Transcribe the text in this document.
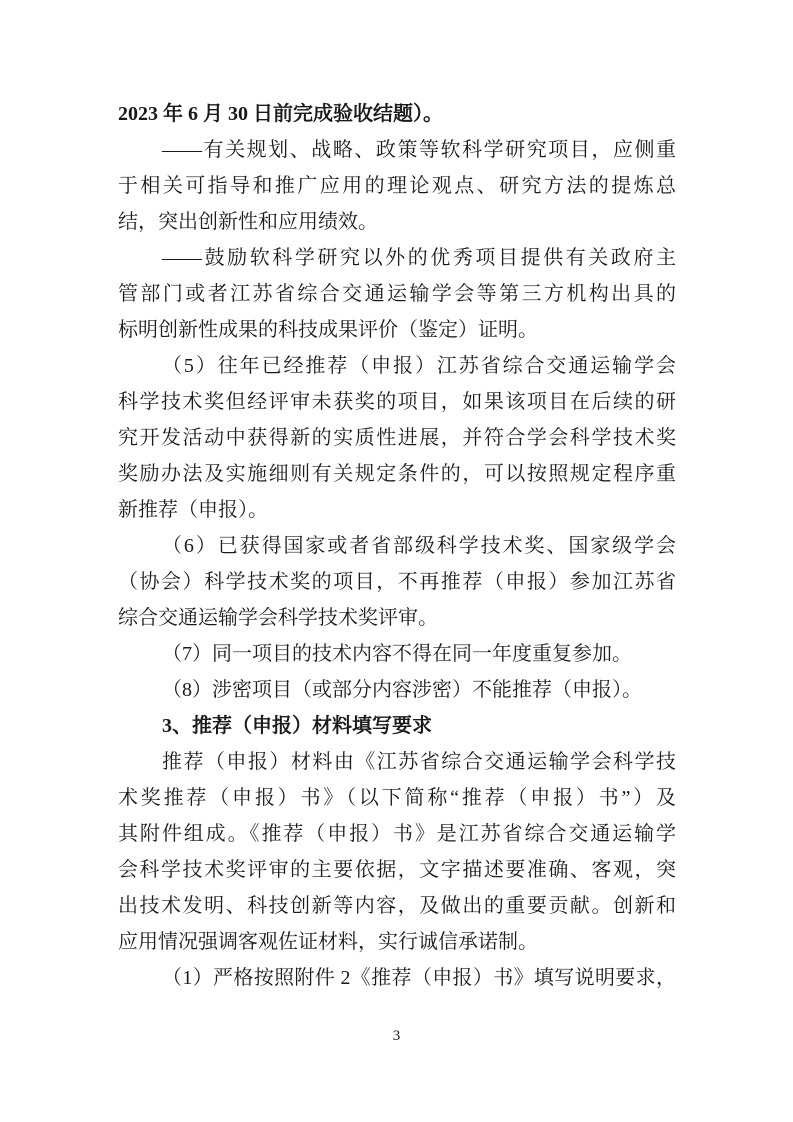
2023 年 6 月 30 日前完成验收结题）。
——有关规划、战略、政策等软科学研究项目，应侧重
于相关可指导和推广应用的理论观点、研究方法的提炼总
结，突出创新性和应用绩效。
——鼓励软科学研究以外的优秀项目提供有关政府主
管部门或者江苏省综合交通运输学会等第三方机构出具的
标明创新性成果的科技成果评价（鉴定）证明。
（5）往年已经推荐（申报）江苏省综合交通运输学会
科学技术奖但经评审未获奖的项目，如果该项目在后续的研
究开发活动中获得新的实质性进展，并符合学会科学技术奖
奖励办法及实施细则有关规定条件的，可以按照规定程序重
新推荐（申报）。
（6）已获得国家或者省部级科学技术奖、国家级学会
（协会）科学技术奖的项目，不再推荐（申报）参加江苏省
综合交通运输学会科学技术奖评审。
（7）同一项目的技术内容不得在同一年度重复参加。
（8）涉密项目（或部分内容涉密）不能推荐（申报）。
3、推荐（申报）材料填写要求
推荐（申报）材料由《江苏省综合交通运输学会科学技
术奖推荐（申报）书》（以下简称“推荐（申报）书”）及
其附件组成。《推荐（申报）书》是江苏省综合交通运输学
会科学技术奖评审的主要依据，文字描述要准确、客观，突
出技术发明、科技创新等内容，及做出的重要贡献。创新和
应用情况强调客观佐证材料，实行诚信承诺制。
（1）严格按照附件 2《推荐（申报）书》填写说明要求，
3
